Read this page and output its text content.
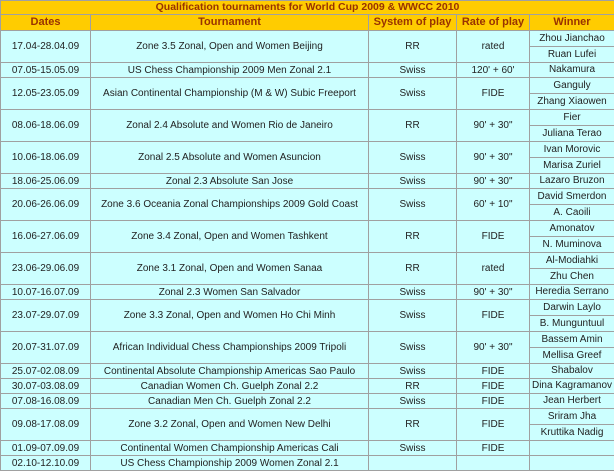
Qualification tournaments for World Cup 2009 & WWCC 2010				
Dates	Tournament	System of play	Rate of play	Winner
17.04-28.04.09	Zone 3.5 Zonal, Open and Women Beijing	RR	rated	Zhou Jianchao
Ruan Lufei

07.05-15.05.09	US Chess Championship 2009 Men Zonal 2.1	Swiss	120' + 60'	Nakamura

12.05-23.05.09	Asian Continental Championship (M & W) Subic Freeport	Swiss	FIDE	Ganguly
Zhang Xiaowen

08.06-18.06.09	Zonal 2.4 Absolute and Women Rio de Janeiro	RR	90' + 30"	Fier
Juliana Terao

10.06-18.06.09	Zonal 2.5 Absolute and Women Asuncion	Swiss	90' + 30"	Ivan Morovic
Marisa Zuriel

18.06-25.06.09	Zonal 2.3 Absolute San Jose	Swiss	90' + 30"	Lazaro Bruzon

20.06-26.06.09	Zone 3.6 Oceania Zonal Championships 2009 Gold Coast	Swiss	60' + 10"	David Smerdon
A. Caoili

16.06-27.06.09	Zone 3.4 Zonal, Open and Women Tashkent	RR	FIDE	Amonatov
N. Muminova

23.06-29.06.09	Zone 3.1 Zonal, Open and Women Sanaa	RR	rated	Al-Modiahki
Zhu Chen

10.07-16.07.09	Zonal 2.3 Women San Salvador	Swiss	90' + 30"	Heredia Serrano

23.07-29.07.09	Zone 3.3 Zonal, Open and Women Ho Chi Minh	Swiss	FIDE	Darwin Laylo
B. Munguntuul

20.07-31.07.09	African Individual Chess Championships 2009 Tripoli	Swiss	90' + 30"	Bassem Amin
Mellisa Greef

25.07-02.08.09	Continental Absolute Championship Americas Sao Paulo	Swiss	FIDE	Shabalov

30.07-03.08.09	Canadian Women Ch. Guelph Zonal 2.2	RR	FIDE	Dina Kagramanov

07.08-16.08.09	Canadian Men Ch. Guelph Zonal 2.2	Swiss	FIDE	Jean Herbert

09.08-17.08.09	Zone 3.2 Zonal, Open and Women New Delhi	RR	FIDE	Sriram Jha
Kruttika Nadig

01.09-07.09.09	Continental Women Championship Americas Cali	Swiss	FIDE	

02.10-12.10.09	US Chess Championship 2009 Women Zonal 2.1			
